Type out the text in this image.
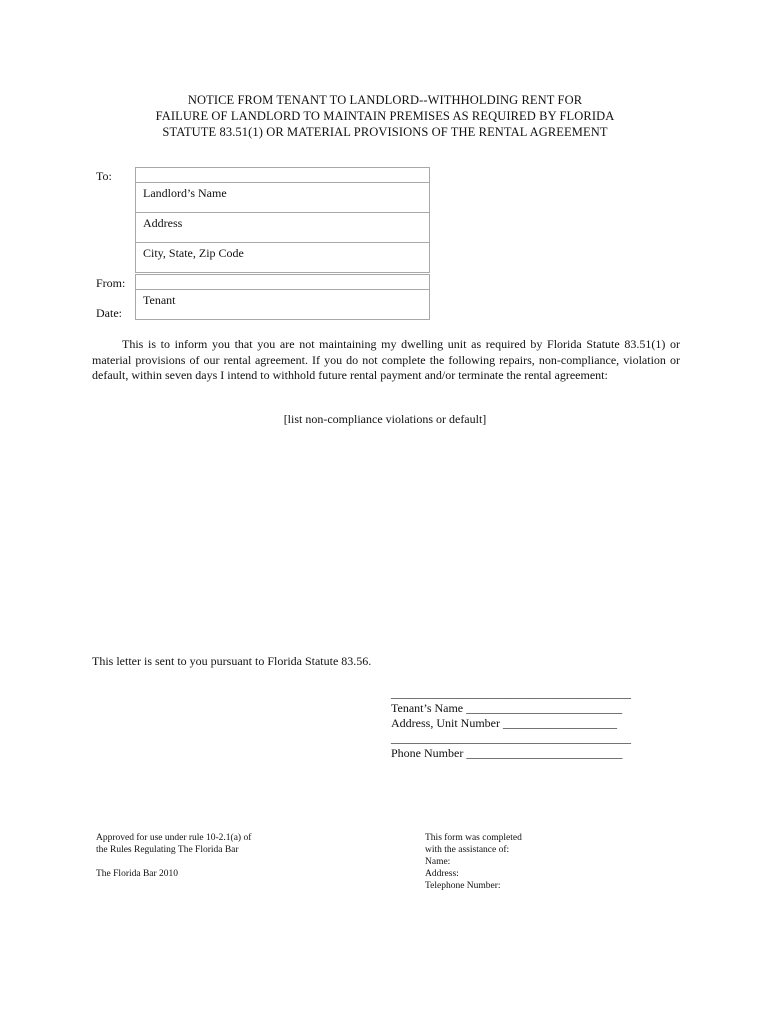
NOTICE FROM TENANT TO LANDLORD--WITHHOLDING RENT FOR
FAILURE OF LANDLORD TO MAINTAIN PREMISES AS REQUIRED BY FLORIDA
STATUTE 83.51(1) OR MATERIAL PROVISIONS OF THE RENTAL AGREEMENT
To:
From:
Date:
Landlord’s Name
Address
City, State, Zip Code
Tenant
This is to inform you that you are not maintaining my dwelling unit as required by Florida Statute 83.51(1) or material provisions of our rental agreement. If you do not complete the following repairs, non-compliance, violation or default, within seven days I intend to withhold future rental payment and/or terminate the rental agreement:
[list non-compliance violations or default]
This letter is sent to you pursuant to Florida Statute 83.56.
________________________________________
Tenant’s Name __________________________
Address, Unit Number ___________________
________________________________________
Phone Number __________________________
Approved for use under rule 10-2.1(a) of
the Rules Regulating The Florida Bar
The Florida Bar 2010
This form was completed
with the assistance of:
Name:
Address:
Telephone Number:
